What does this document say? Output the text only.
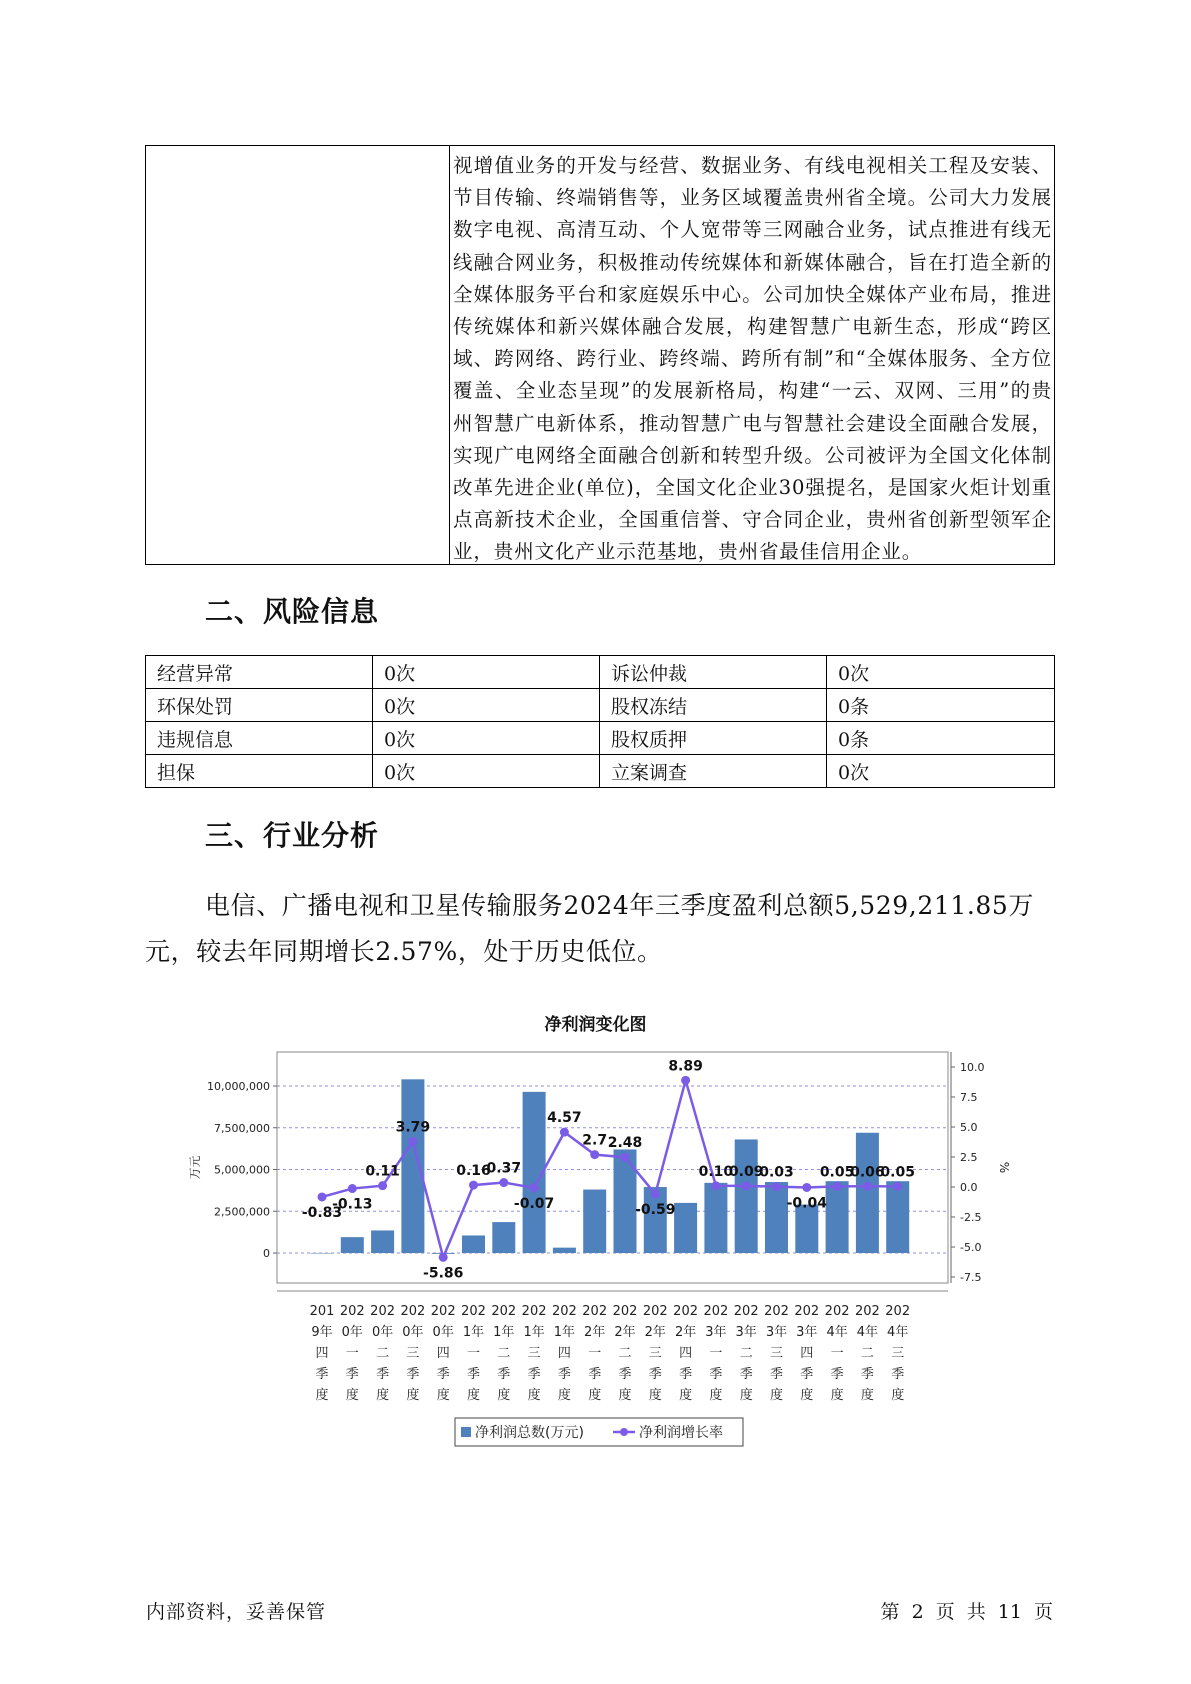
视增值业务的开发与经营、数据业务、有线电视相关工程及安装、节目传输、终端销售等，业务区域覆盖贵州省全境。公司大力发展数字电视、高清互动、个人宽带等三网融合业务，试点推进有线无线融合网业务，积极推动传统媒体和新媒体融合，旨在打造全新的全媒体服务平台和家庭娱乐中心。公司加快全媒体产业布局，推进传统媒体和新兴媒体融合发展，构建智慧广电新生态，形成“跨区域、跨网络、跨行业、跨终端、跨所有制”和“全媒体服务、全方位覆盖、全业态呈现”的发展新格局，构建“一云、双网、三用”的贵州智慧广电新体系，推动智慧广电与智慧社会建设全面融合发展，实现广电网络全面融合创新和转型升级。公司被评为全国文化体制改革先进企业(单位)，全国文化企业30强提名，是国家火炬计划重点高新技术企业，全国重信誉、守合同企业，贵州省创新型领军企业，贵州文化产业示范基地，贵州省最佳信用企业。
二、风险信息
经营异常	0次	诉讼仲裁	0次
环保处罚	0次	股权冻结	0条
违规信息	0次	股权质押	0条
担保	0次	立案调查	0次
三、行业分析

电信、广播电视和卫星传输服务2024年三季度盈利总额5,529,211.85万元，较去年同期增长2.57%，处于历史低位。

净利润变化图
0
2,500,000
5,000,000
7,500,000
10,000,000
10.0
7.5
5.0
2.5
0.0
-2.5
-5.0
-7.5
万元	%
-0.83
-0.13
0.11
3.79
-5.86
0.16
0.37
-0.07
4.57
2.7 2.48
-0.59
8.89
0.10
0.09
0.03
-0.04
0.05
0.06
0.05
201
9年
四
季
度
202
0年
一
季
度
202
0年
二
季
度
202
0年
三
季
度
202
0年
四
季
度
202
1年
一
季
度
202
1年
二
季
度
202
1年
三
季
度
202
1年
四
季
度
202
2年
一
季
度
202
2年
二
季
度
202
2年
三
季
度
202
2年
四
季
度
202
3年
一
季
度
202
3年
二
季
度
202
3年
三
季
度
202
3年
四
季
度
202
4年
一
季
度
202
4年
二
季
度
202
4年
三
季
度
净利润总数(万元)	净利润增长率
内部资料，妥善保管	第 2 页 共 11 页
